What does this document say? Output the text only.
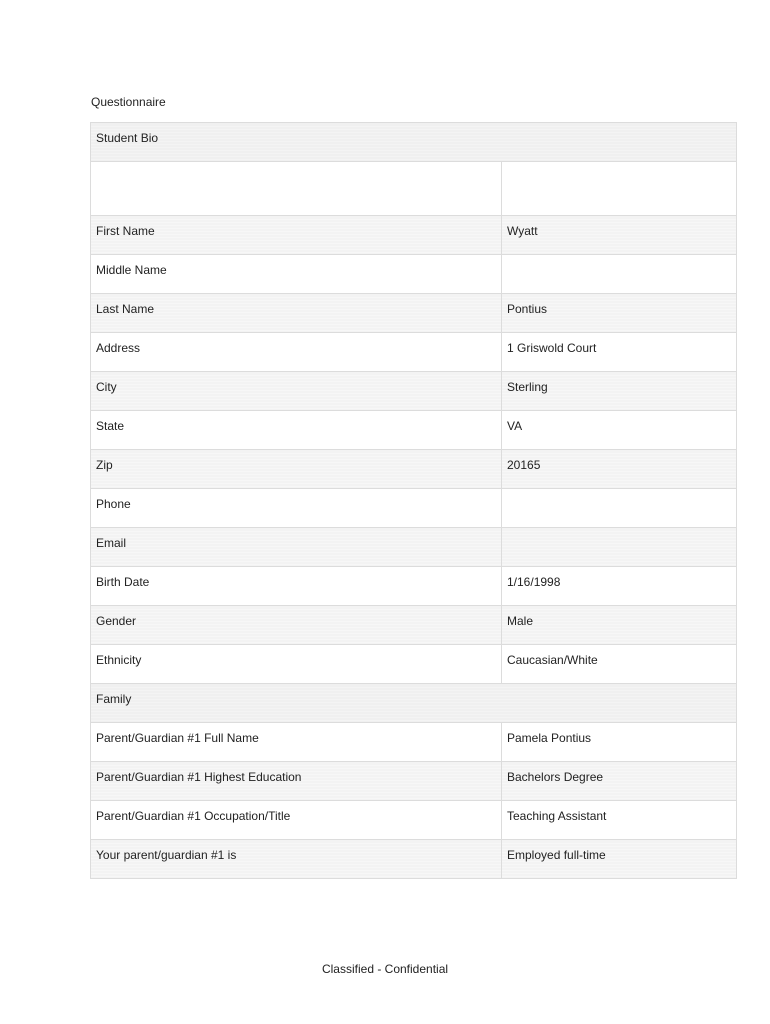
Questionnaire
Student Bio	

First Name	Wyatt
Middle Name	
Last Name	Pontius
Address	1 Griswold Court
City	Sterling
State	VA
Zip	20165
Phone	
Email	
Birth Date	1/16/1998
Gender	Male
Ethnicity	Caucasian/White
Family	
Parent/Guardian #1 Full Name	Pamela Pontius
Parent/Guardian #1 Highest Education	Bachelors Degree
Parent/Guardian #1 Occupation/Title	Teaching Assistant
Your parent/guardian #1 is	Employed full-time
Classified - Confidential
